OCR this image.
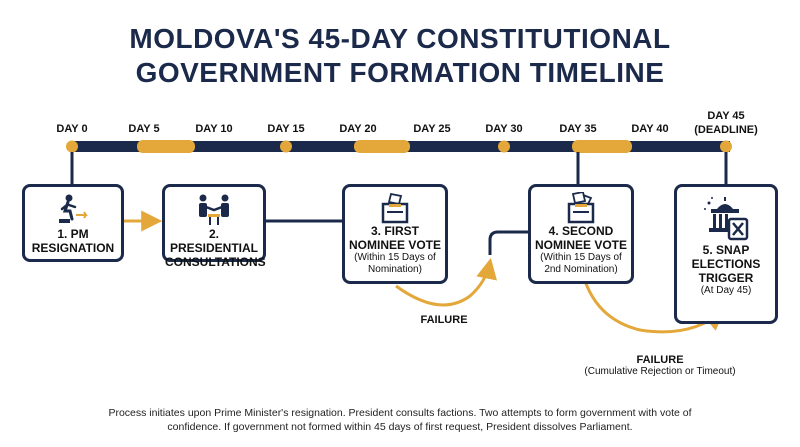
MOLDOVA'S 45-DAY CONSTITUTIONAL
GOVERNMENT FORMATION TIMELINE
DAY 0	DAY 5	DAY 10	DAY 15	DAY 20	DAY 25	DAY 30	DAY 35	DAY 40
DAY 45
(DEADLINE)
1. PM
RESIGNATION
2. PRESIDENTIAL
CONSULTATIONS
3. FIRST
NOMINEE VOTE
(Within 15 Days of
Nomination)
4. SECOND
NOMINEE VOTE
(Within 15 Days of
2nd Nomination)
5. SNAP
ELECTIONS
TRIGGER
(At Day 45)
FAILURE
FAILURE
(Cumulative Rejection or Timeout)
Process initiates upon Prime Minister's resignation. President consults factions. Two attempts to form government with vote of
confidence. If government not formed within 45 days of first request, President dissolves Parliament.
